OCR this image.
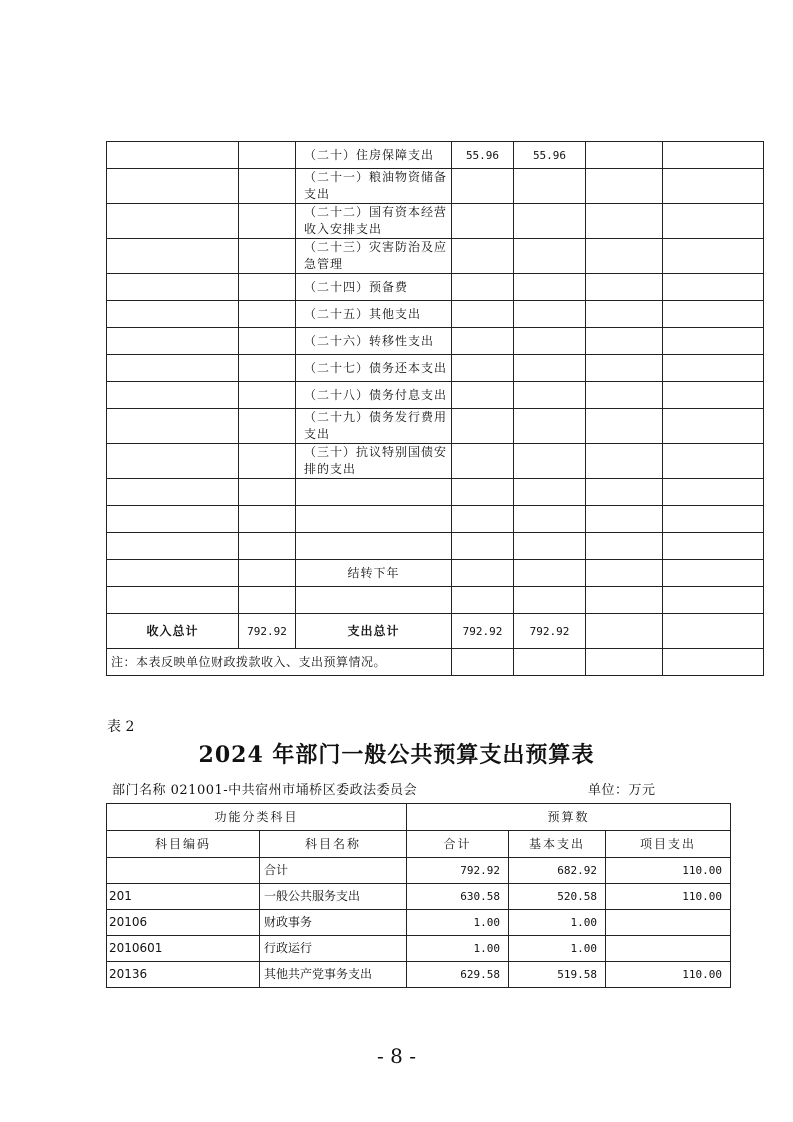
		（二十）住房保障支出	55.96	55.96		
		（二十一）粮油物资储备支出				
		（二十二）国有资本经营收入安排支出				
		（二十三）灾害防治及应急管理				
		（二十四）预备费				
		（二十五）其他支出				
		（二十六）转移性支出				
		（二十七）债务还本支出				
		（二十八）债务付息支出				
		（二十九）债务发行费用支出				
		（三十）抗议特别国债安排的支出				

		结转下年				

收入总计	792.92	支出总计	792.92	792.92		
注：本表反映单位财政拨款收入、支出预算情况。						
表 2
2024 年部门一般公共预算支出预算表
部门名称 021001-中共宿州市埇桥区委政法委员会	单位：万元
功能分类科目		预算数		
科目编码	科目名称	合计	基本支出	项目支出
	合计	792.92	682.92	110.00
201	一般公共服务支出	630.58	520.58	110.00
20106	财政事务	1.00	1.00	
2010601	行政运行	1.00	1.00	
20136	其他共产党事务支出	629.58	519.58	110.00
- 8 -
